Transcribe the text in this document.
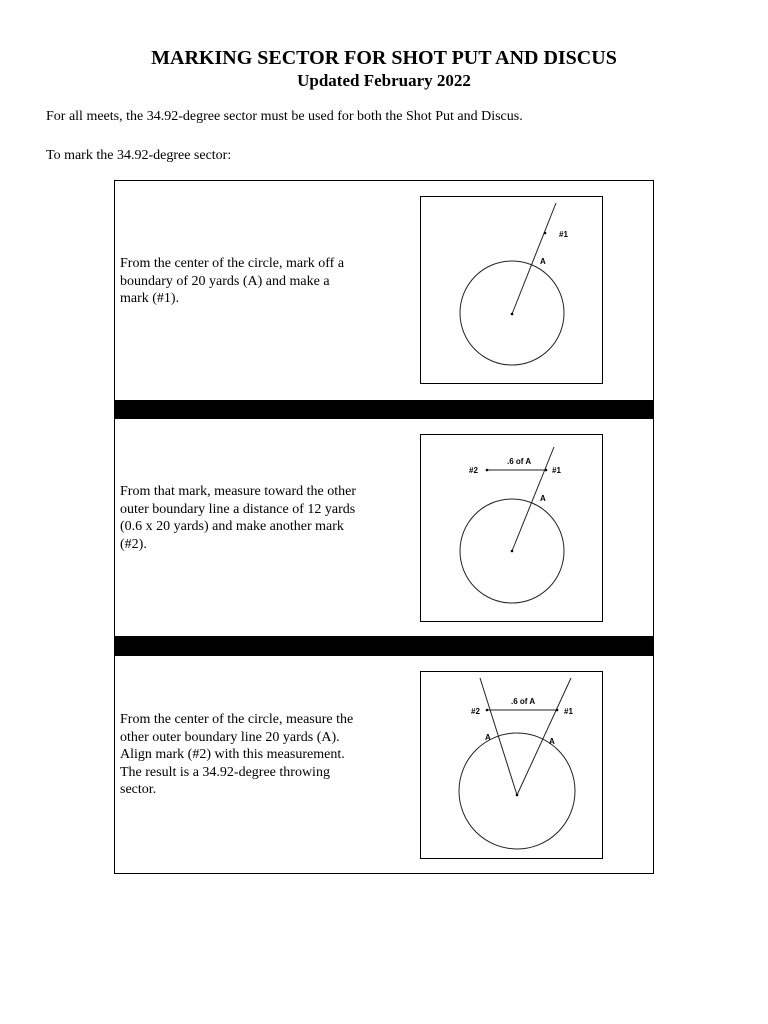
MARKING SECTOR FOR SHOT PUT AND DISCUS
Updated February 2022
For all meets, the 34.92-degree sector must be used for both the Shot Put and Discus.
To mark the 34.92-degree sector:
From the center of the circle, mark off a boundary of 20 yards (A) and make a mark (#1).
#1
A
From that mark, measure toward the other outer boundary line a distance of 12 yards (0.6 x 20 yards) and make another mark (#2).
#2	#1
.6 of A
A
From the center of the circle, measure the other outer boundary line 20 yards (A). Align mark (#2) with this measurement. The result is a 34.92-degree throwing sector.
#2	#1
.6 of A
A	A
